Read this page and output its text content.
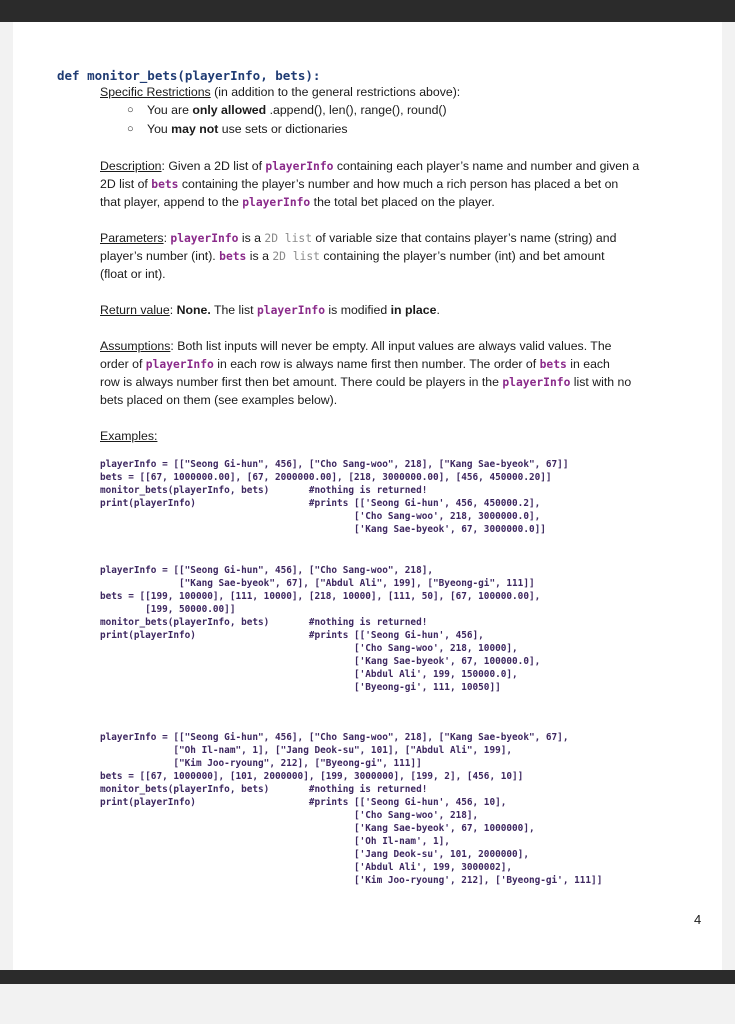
def monitor_bets(playerInfo, bets):
Specific Restrictions (in addition to the general restrictions above):
○ You are only allowed .append(), len(), range(), round()
○ You may not use sets or dictionaries
Description: Given a 2D list of playerInfo containing each player’s name and number and given a
2D list of bets containing the player’s number and how much a rich person has placed a bet on
that player, append to the playerInfo the total bet placed on the player.
Parameters: playerInfo is a 2D list of variable size that contains player’s name (string) and
player’s number (int). bets is a 2D list containing the player’s number (int) and bet amount
(float or int).
Return value: None. The list playerInfo is modified in place.
Assumptions: Both list inputs will never be empty. All input values are always valid values. The
order of playerInfo in each row is always name first then number. The order of bets in each
row is always number first then bet amount. There could be players in the playerInfo list with no
bets placed on them (see examples below).
Examples:

playerInfo = [["Seong Gi-hun", 456], ["Cho Sang-woo", 218], ["Kang Sae-byeok", 67]]
bets = [[67, 1000000.00], [67, 2000000.00], [218, 3000000.00], [456, 450000.20]]
monitor_bets(playerInfo, bets)       #nothing is returned!
print(playerInfo)                    #prints [['Seong Gi-hun', 456, 450000.2],
['Cho Sang-woo', 218, 3000000.0],
['Kang Sae-byeok', 67, 3000000.0]]

playerInfo = [["Seong Gi-hun", 456], ["Cho Sang-woo", 218],
["Kang Sae-byeok", 67], ["Abdul Ali", 199], ["Byeong-gi", 111]]
bets = [[199, 100000], [111, 10000], [218, 10000], [111, 50], [67, 100000.00],
[199, 50000.00]]
monitor_bets(playerInfo, bets)       #nothing is returned!
print(playerInfo)                    #prints [['Seong Gi-hun', 456],
['Cho Sang-woo', 218, 10000],
['Kang Sae-byeok', 67, 100000.0],
['Abdul Ali', 199, 150000.0],
['Byeong-gi', 111, 10050]]

playerInfo = [["Seong Gi-hun", 456], ["Cho Sang-woo", 218], ["Kang Sae-byeok", 67],
["Oh Il-nam", 1], ["Jang Deok-su", 101], ["Abdul Ali", 199],
["Kim Joo-ryoung", 212], ["Byeong-gi", 111]]
bets = [[67, 1000000], [101, 2000000], [199, 3000000], [199, 2], [456, 10]]
monitor_bets(playerInfo, bets)       #nothing is returned!
print(playerInfo)                    #prints [['Seong Gi-hun', 456, 10],
['Cho Sang-woo', 218],
['Kang Sae-byeok', 67, 1000000],
['Oh Il-nam', 1],
['Jang Deok-su', 101, 2000000],
['Abdul Ali', 199, 3000002],
['Kim Joo-ryoung', 212], ['Byeong-gi', 111]]
4
